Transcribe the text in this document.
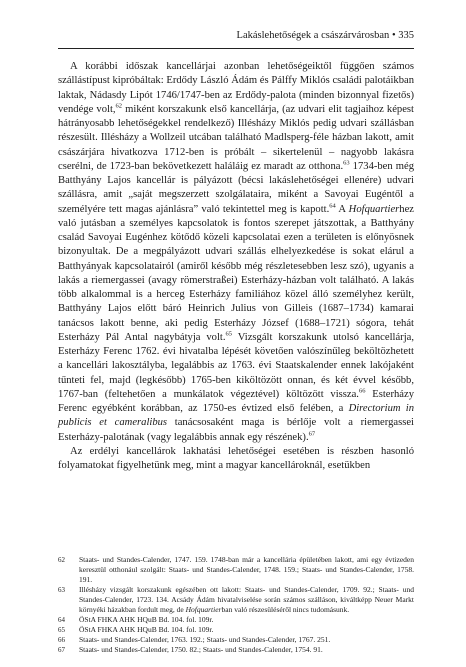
Lakáslehetőségek a császárvárosban • 335

A korábbi időszak kancellárjai azonban lehetőségeiktől függően számos szállástípust kipróbáltak: Erdődy László Ádám és Pálffy Miklós családi palotáikban laktak, Nádasdy Lipót 1746/1747-ben az Erdődy-palota (minden bizonnyal fizetős) vendége volt,$^{62}$ miként korszakunk első kancellárja, (az udvari elit tagjaihoz képest hátrányosabb lehetőségekkel rendelkező) Illésházy Miklós pedig udvari szállásban részesült. Illésházy a Wollzeil utcában található Madlsperg-féle házban lakott, amit császárjára hivatkozva 1712-ben is próbált – sikertelenül – nagyobb lakásra cserélni, de 1723-ban bekövetkezett haláláig ez maradt az otthona.$^{63}$ 1734-ben még Batthyány Lajos kancellár is pályázott (bécsi lakáslehetőségei ellenére) udvari szállásra, amit „saját megszerzett szolgálataira, miként a Savoyai Eugéntől a személyére tett magas ajánlásra” való tekintettel meg is kapott.$^{64}$ A Hofquartierhez való jutásban a személyes kapcsolatok is fontos szerepet játszottak, a Batthyány család Savoyai Eugénhez kötődő közeli kapcsolatai ezen a területen is előnyösnek bizonyultak. De a megpályázott udvari szállás elhelyezkedése is sokat elárul a Batthyányak kapcsolatairól (amiről később még részletesebben lesz szó), ugyanis a lakás a riemergassei (avagy römerstraßei) Esterházy-házban volt található. A lakás több alkalommal is a herceg Esterházy familiához közel álló személyhez került, Batthyány Lajos előtt báró Heinrich Julius von Gilleis (1687–1734) kamarai tanácsos lakott benne, aki pedig Esterházy József (1688–1721) sógora, tehát Esterházy Pál Antal nagybátyja volt.$^{65}$ Vizsgált korszakunk utolsó kancellárja, Esterházy Ferenc 1762. évi hivatalba lépését követően valószínűleg beköltözhetett a kancellári lakosztályba, legalábbis az 1763. évi Staatskalender ennek lakójaként tűnteti fel, majd (legkésőbb) 1765-ben kiköltözött onnan, és két évvel később, 1767-ban (feltehetően a munkálatok végeztével) költözött vissza.$^{66}$ Esterházy Ferenc egyébként korábban, az 1750-es évtized első felében, a Directorium in publicis et cameralibus tanácsosaként maga is bérlője volt a riemergassei Esterházy-palotának (vagy legalábbis annak egy részének).$^{67}$

Az erdélyi kancellárok lakhatási lehetőségei esetében is részben hasonló folyamatokat figyelhetünk meg, mint a magyar kancellároknál, esetükben

62	Staats- und Standes-Calender, 1747. 159. 1748-ban már a kancellária épületében lakott, ami egy évtizeden keresztül otthonául szolgált: Staats- und Standes-Calender, 1748. 159.; Staats- und Standes-Calender, 1758. 191.
63	Illésházy vizsgált korszakunk egészében ott lakott: Staats- und Standes-Calender, 1709. 92.; Staats- und Standes-Calender, 1723. 134. Acsády Ádám hivatalviselése során számos szálláson, kiváltképp Neuer Markt környéki házakban fordult meg, de Hofquartierban való részesüléséről nincs tudomásunk.
64	ÖStA FHKA AHK HQuB Bd. 104. fol. 109r.
65	ÖStA FHKA AHK HQuB Bd. 104. fol. 109r.
66	Staats- und Standes-Calender, 1763. 192.; Staats- und Standes-Calender, 1767. 251.
67	Staats- und Standes-Calender, 1750. 82.; Staats- und Standes-Calender, 1754. 91.
